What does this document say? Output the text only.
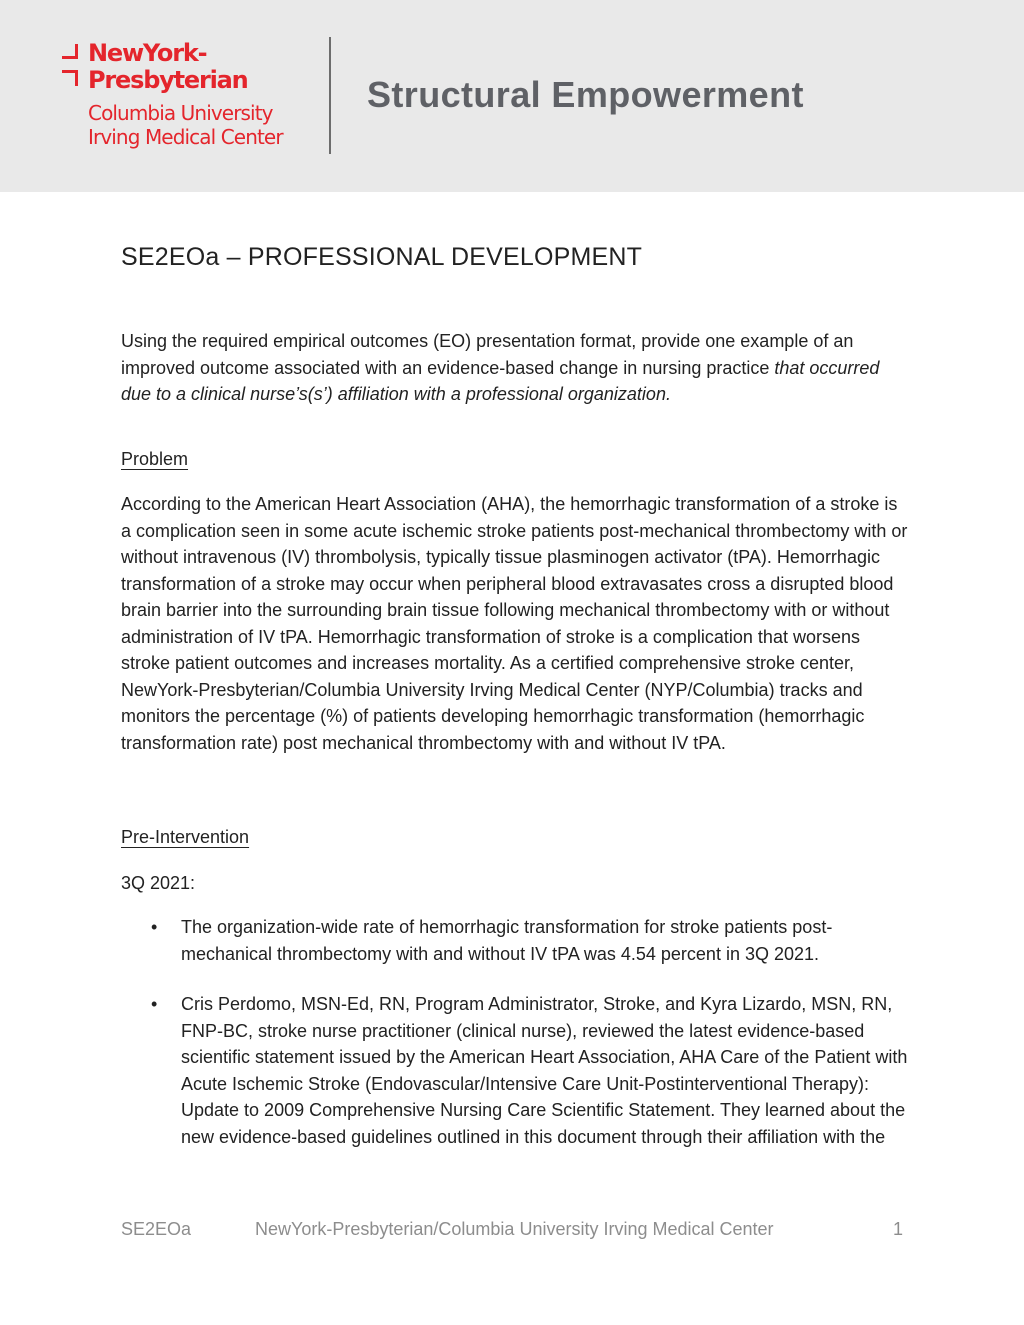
NewYork-
Presbyterian
Columbia University
Irving Medical Center
Structural Empowerment
SE2EOa – PROFESSIONAL DEVELOPMENT
Using the required empirical outcomes (EO) presentation format, provide one example of an improved outcome associated with an evidence-based change in nursing practice that occurred due to a clinical nurse’s(s’) affiliation with a professional organization.
Problem
According to the American Heart Association (AHA), the hemorrhagic transformation of a stroke is a complication seen in some acute ischemic stroke patients post-mechanical thrombectomy with or without intravenous (IV) thrombolysis, typically tissue plasminogen activator (tPA). Hemorrhagic transformation of a stroke may occur when peripheral blood extravasates cross a disrupted blood brain barrier into the surrounding brain tissue following mechanical thrombectomy with or without administration of IV tPA. Hemorrhagic transformation of stroke is a complication that worsens stroke patient outcomes and increases mortality. As a certified comprehensive stroke center, NewYork-Presbyterian/Columbia University Irving Medical Center (NYP/Columbia) tracks and monitors the percentage (%) of patients developing hemorrhagic transformation (hemorrhagic transformation rate) post mechanical thrombectomy with and without IV tPA.
Pre-Intervention
3Q 2021:
• The organization-wide rate of hemorrhagic transformation for stroke patients post-mechanical thrombectomy with and without IV tPA was 4.54 percent in 3Q 2021.
• Cris Perdomo, MSN-Ed, RN, Program Administrator, Stroke, and Kyra Lizardo, MSN, RN, FNP-BC, stroke nurse practitioner (clinical nurse), reviewed the latest evidence-based scientific statement issued by the American Heart Association, AHA Care of the Patient with Acute Ischemic Stroke (Endovascular/Intensive Care Unit-Postinterventional Therapy): Update to 2009 Comprehensive Nursing Care Scientific Statement. They learned about the new evidence-based guidelines outlined in this document through their affiliation with the
SE2EOa	NewYork-Presbyterian/Columbia University Irving Medical Center	1
